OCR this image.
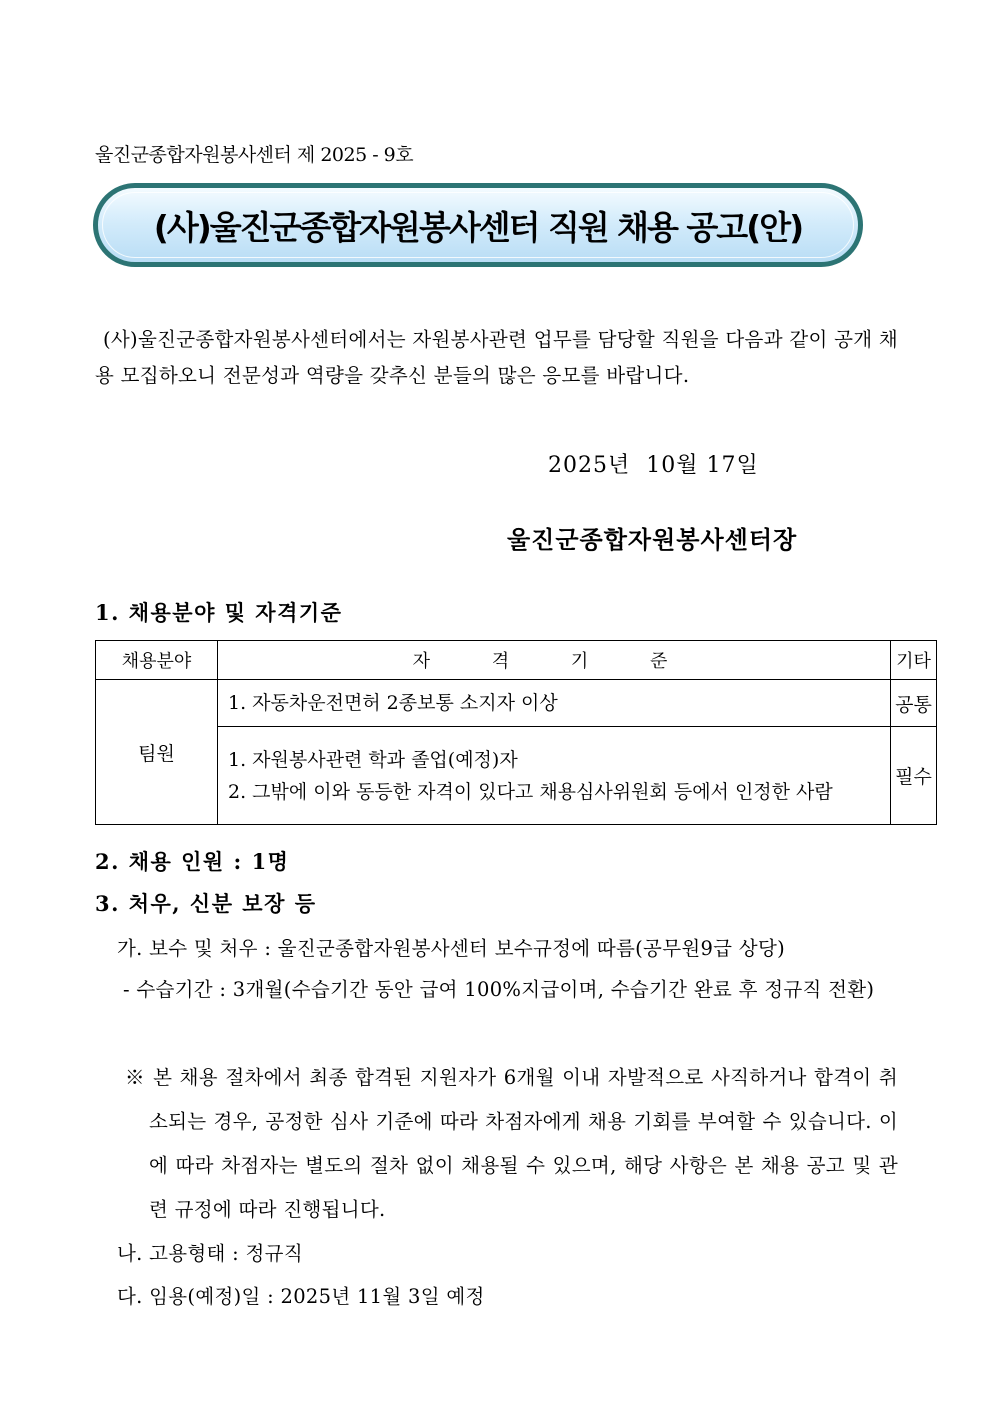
울진군종합자원봉사센터 제 2025 - 9호
(사)울진군종합자원봉사센터 직원 채용 공고(안)
(사)울진군종합자원봉사센터에서는 자원봉사관련 업무를 담당할 직원을 다음과 같이 공개 채용 모집하오니 전문성과 역량을 갖추신 분들의 많은 응모를 바랍니다.
2025년  10월 17일
울진군종합자원봉사센터장
1. 채용분야 및 자격기준
채용분야	자 격 기 준	기타
팀원	1. 자동차운전면허 2종보통 소지자 이상	공통

	1. 자원봉사관련 학과 졸업(예정)자
2. 그밖에 이와 동등한 자격이 있다고 채용심사위원회 등에서 인정한 사람	필수
2. 채용 인원 : 1명
3. 처우, 신분 보장 등
가. 보수 및 처우 : 울진군종합자원봉사센터 보수규정에 따름(공무원9급 상당)
- 수습기간 : 3개월(수습기간 동안 급여 100%지급이며, 수습기간 완료 후 정규직 전환)
※ 본 채용 절차에서 최종 합격된 지원자가 6개월 이내 자발적으로 사직하거나 합격이 취소되는 경우, 공정한 심사 기준에 따라 차점자에게 채용 기회를 부여할 수 있습니다. 이에 따라 차점자는 별도의 절차 없이 채용될 수 있으며, 해당 사항은 본 채용 공고 및 관련 규정에 따라 진행됩니다.
나. 고용형태 : 정규직
다. 임용(예정)일 : 2025년 11월 3일 예정
